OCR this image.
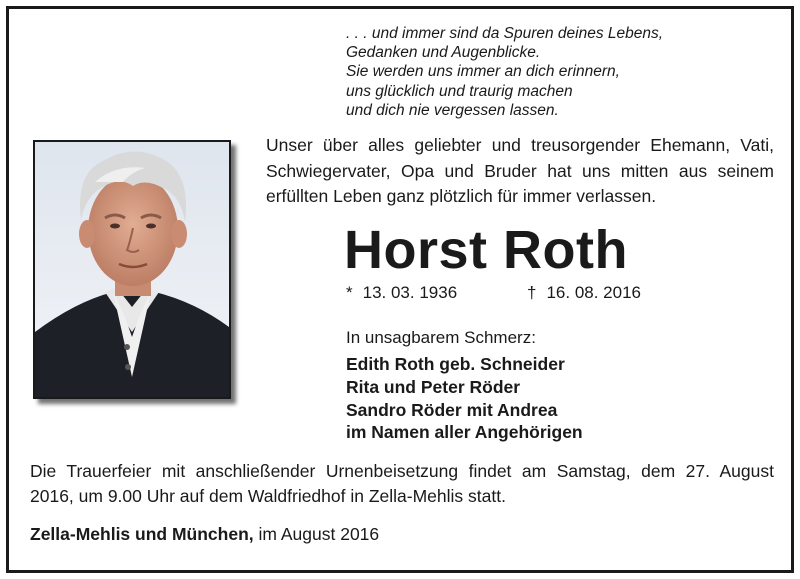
. . . und immer sind da Spuren deines Lebens,
Gedanken und Augenblicke.
Sie werden uns immer an dich erinnern,
uns glücklich und traurig machen
und dich nie vergessen lassen.
Unser über alles geliebter und treusorgender Ehemann, Vati,
Schwiegervater, Opa und Bruder hat uns mitten aus seinem
erfüllten Leben ganz plötzlich für immer verlassen.
Horst Roth
* 13. 03. 1936	† 16. 08. 2016
In unsagbarem Schmerz:
Edith Roth geb. Schneider
Rita und Peter Röder
Sandro Röder mit Andrea
im Namen aller Angehörigen
Die Trauerfeier mit anschließender Urnenbeisetzung findet am Samstag, dem 27. August
2016, um 9.00 Uhr auf dem Waldfriedhof in Zella-Mehlis statt.
Zella-Mehlis und München, im August 2016
